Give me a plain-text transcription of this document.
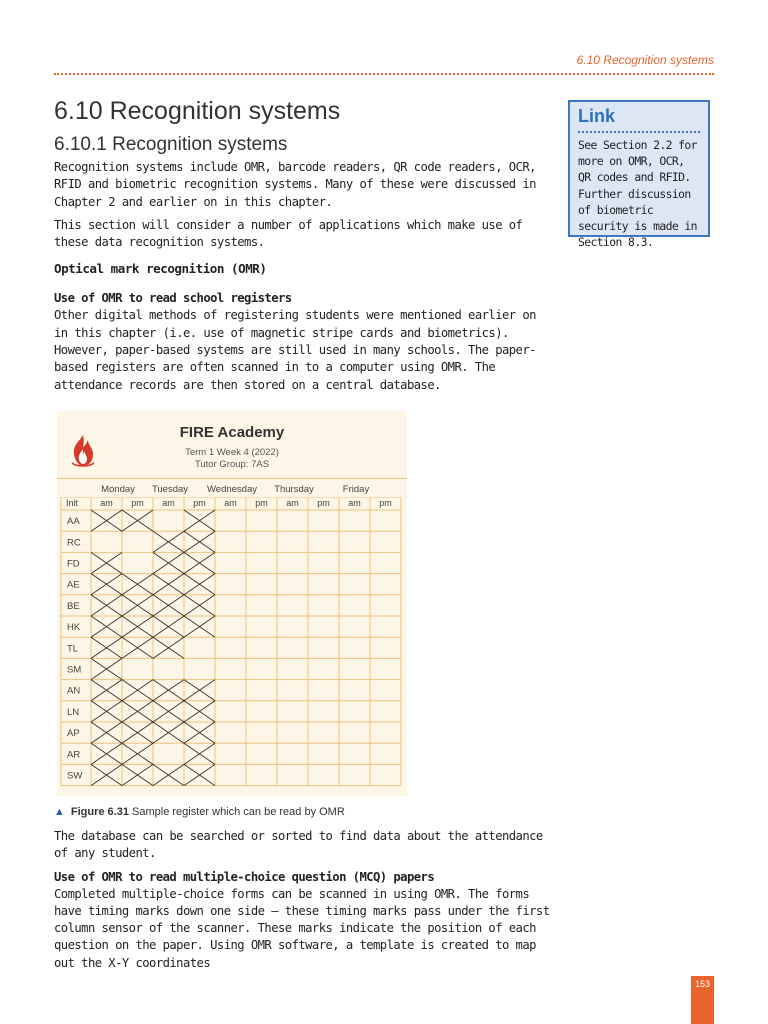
6.10 Recognition systems
6.10 Recognition systems
6.10.1 Recognition systems

Recognition systems include OMR, barcode readers, QR code readers, OCR, RFID and biometric recognition systems. Many of these were discussed in Chapter 2 and earlier on in this chapter.

This section will consider a number of applications which make use of these data recognition systems.

Optical mark recognition (OMR)
Use of OMR to read school registers

Other digital methods of registering students were mentioned earlier on in this chapter (i.e. use of magnetic stripe cards and biometrics). However, paper-based systems are still used in many schools. The paper-based registers are often scanned in to a computer using OMR. The attendance records are then stored on a central database.

Link
See Section 2.2 for more on OMR, OCR, QR codes and RFID. Further discussion of biometric security is made in Section 8.3.
FIRE Academy
Term 1 Week 4 (2022)
Tutor Group: 7AS
Monday	Tuesday	Wednesday	Thursday	Friday
Init am pm am pm am pm am pm am pm
AA
RC
FD
AE
BE
HK
TL
SM
AN
LN
AP
AR
SW
▲ Figure 6.31 Sample register which can be read by OMR

The database can be searched or sorted to find data about the attendance of any student.

Use of OMR to read multiple-choice question (MCQ) papers

Completed multiple-choice forms can be scanned in using OMR. The forms have timing marks down one side – these timing marks pass under the first column sensor of the scanner. These marks indicate the position of each question on the paper. Using OMR software, a template is created to map out the X-Y coordinates

153
